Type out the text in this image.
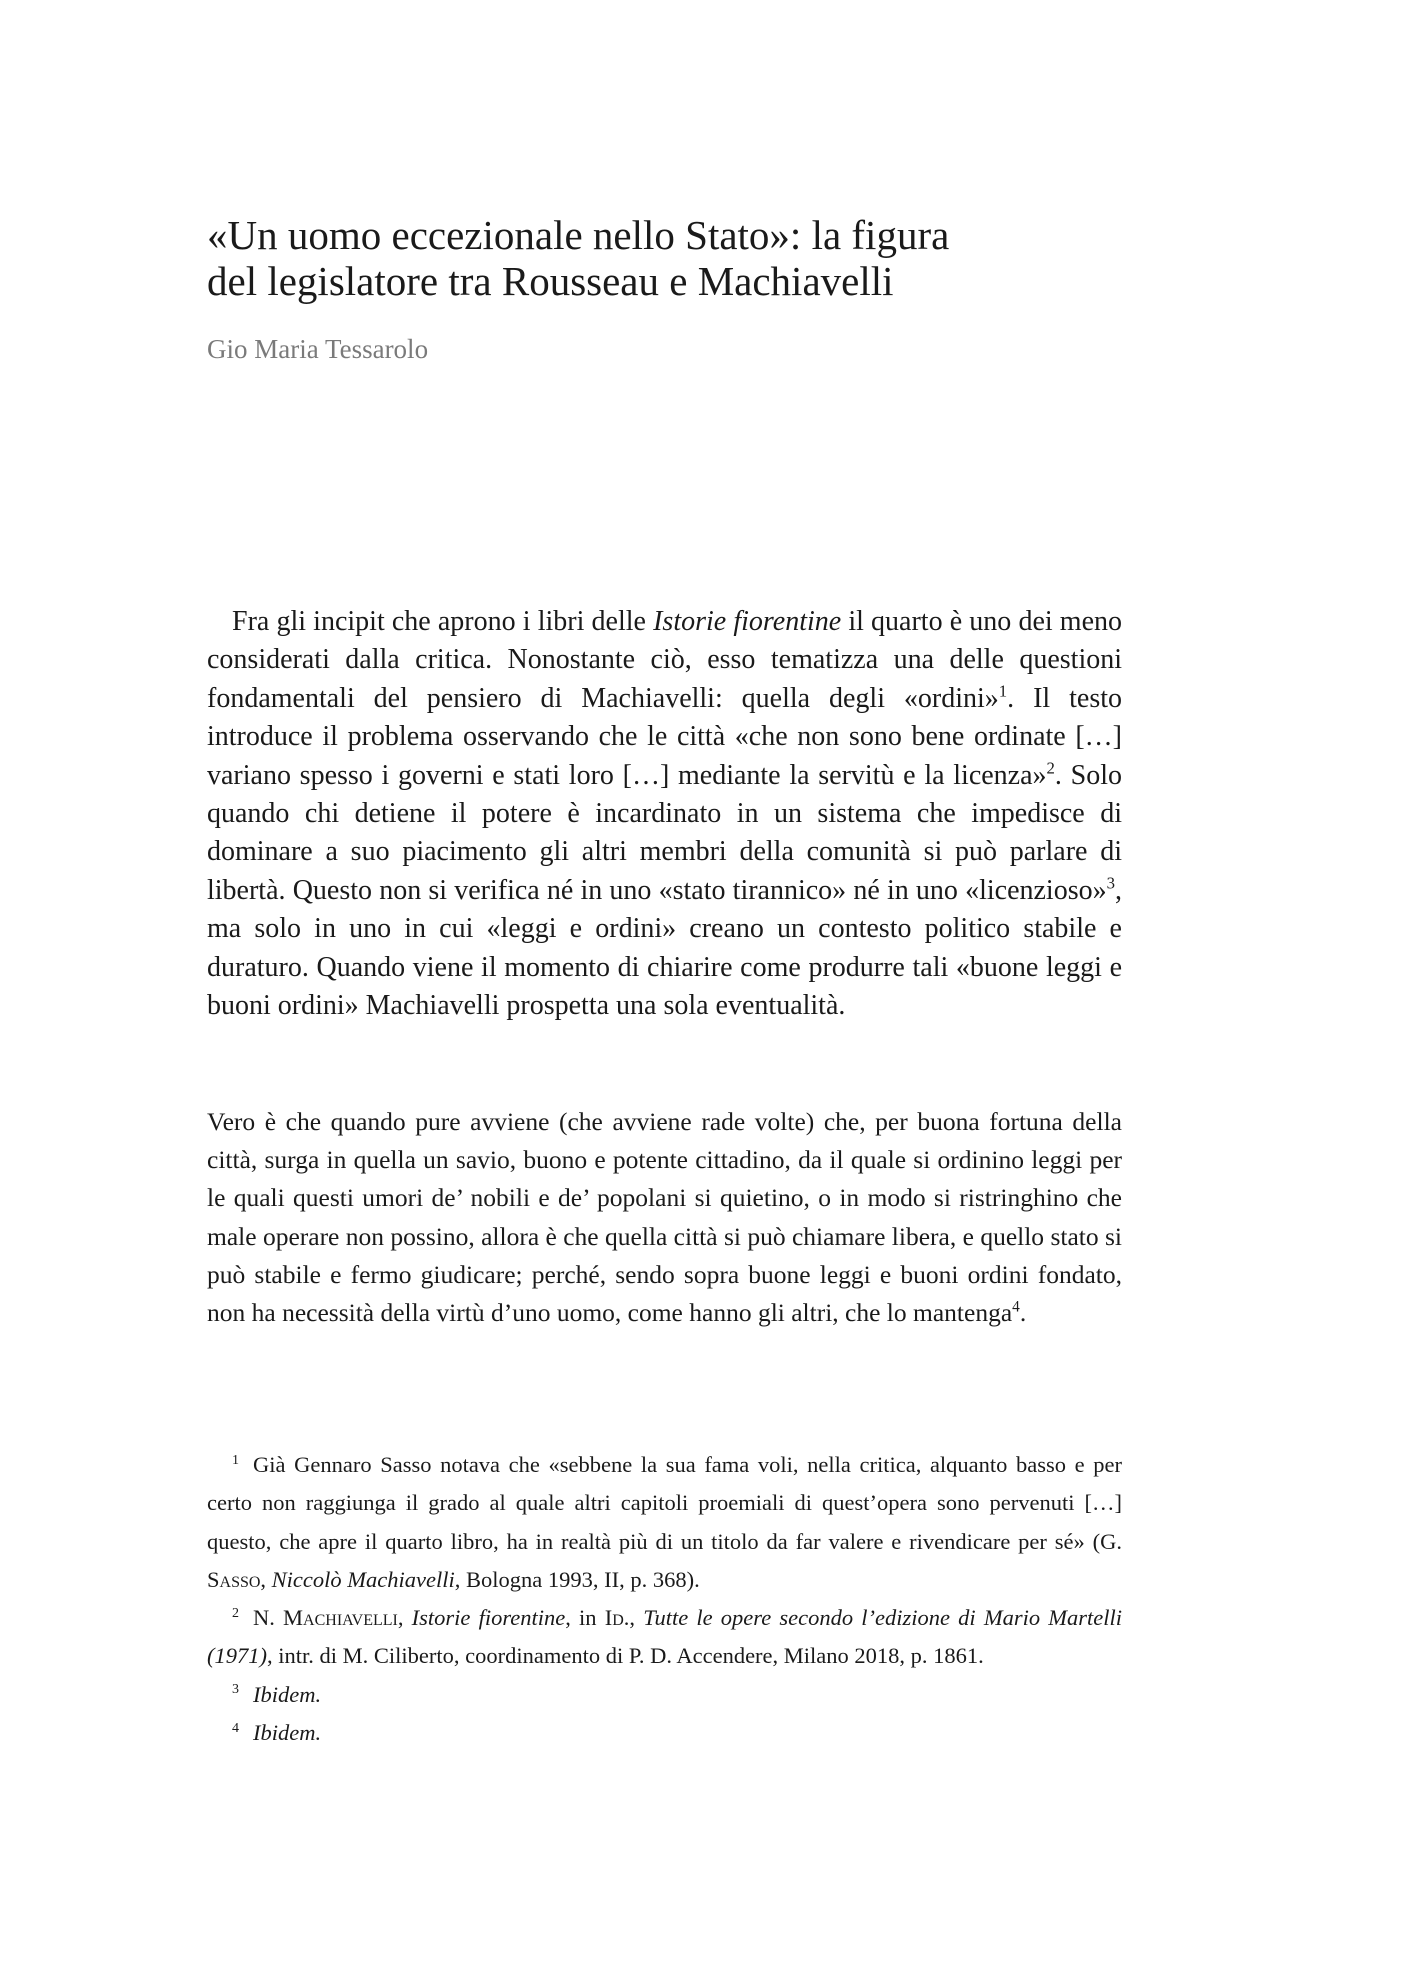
«Un uomo eccezionale nello Stato»: la figura
del legislatore tra Rousseau e Machiavelli
Gio Maria Tessarolo

Fra gli incipit che aprono i libri delle Istorie fiorentine il quarto è uno dei meno considerati dalla critica. Nonostante ciò, esso tematizza una delle questioni fondamentali del pensiero di Machiavelli: quella degli «ordini»$^1$. Il testo introduce il problema osservando che le città «che non sono bene ordinate […] variano spesso i governi e stati loro […] mediante la servitù e la licenza»$^2$. Solo quando chi detiene il potere è incardinato in un sistema che impedisce di dominare a suo piacimento gli altri membri della comunità si può parlare di libertà. Questo non si verifica né in uno «stato tirannico» né in uno «licenzioso»$^3$, ma solo in uno in cui «leggi e ordini» creano un contesto politico stabile e duraturo. Quando viene il momento di chiarire come produrre tali «buone leggi e buoni ordini» Machiavelli prospetta una sola eventualità.

Vero è che quando pure avviene (che avviene rade volte) che, per buona fortuna della città, surga in quella un savio, buono e potente cittadino, da il quale si ordinino leggi per le quali questi umori de’ nobili e de’ popolani si quietino, o in modo si ristringhino che male operare non possino, allora è che quella città si può chiamare libera, e quello stato si può stabile e fermo giudicare; perché, sendo sopra buone leggi e buoni ordini fondato, non ha necessità della virtù d’uno uomo, come hanno gli altri, che lo mantenga$^4$.

$^1$ Già Gennaro Sasso notava che «sebbene la sua fama voli, nella critica, alquanto basso e per certo non raggiunga il grado al quale altri capitoli proemiali di quest’opera sono pervenuti […] questo, che apre il quarto libro, ha in realtà più di un titolo da far valere e rivendicare per sé» (G. Sasso, Niccolò Machiavelli, Bologna 1993, II, p. 368).

$^2$ N. Machiavelli, Istorie fiorentine, in Id., Tutte le opere secondo l’edizione di Mario Martelli (1971), intr. di M. Ciliberto, coordinamento di P. D. Accendere, Milano 2018, p. 1861.

$^3$ Ibidem.

$^4$ Ibidem.
